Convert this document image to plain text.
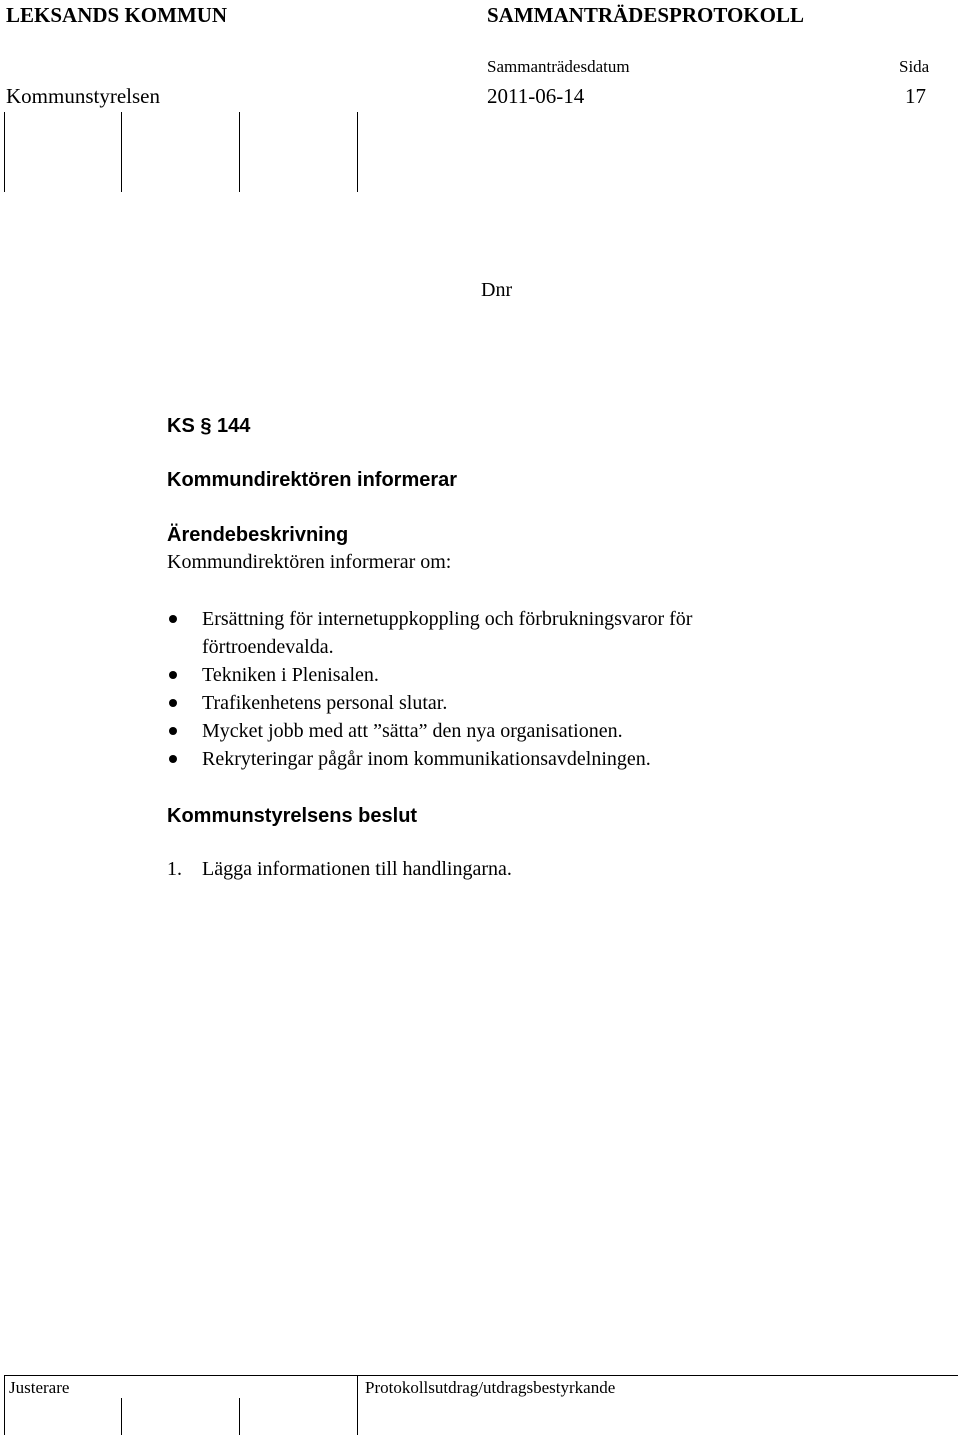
LEKSANDS KOMMUN	SAMMANTRÄDESPROTOKOLL
Sammanträdesdatum	Sida
Kommunstyrelsen	2011-06-14	17
Dnr
KS § 144
Kommundirektören informerar
Ärendebeskrivning
Kommundirektören informerar om:
Ersättning för internetuppkoppling och förbrukningsvaror för förtroendevalda.
Tekniken i Plenisalen.
Trafikenhetens personal slutar.
Mycket jobb med att ”sätta” den nya organisationen.
Rekryteringar pågår inom kommunikationsavdelningen.
Kommunstyrelsens beslut
1. Lägga informationen till handlingarna.
Justerare	Protokollsutdrag/utdragsbestyrkande
